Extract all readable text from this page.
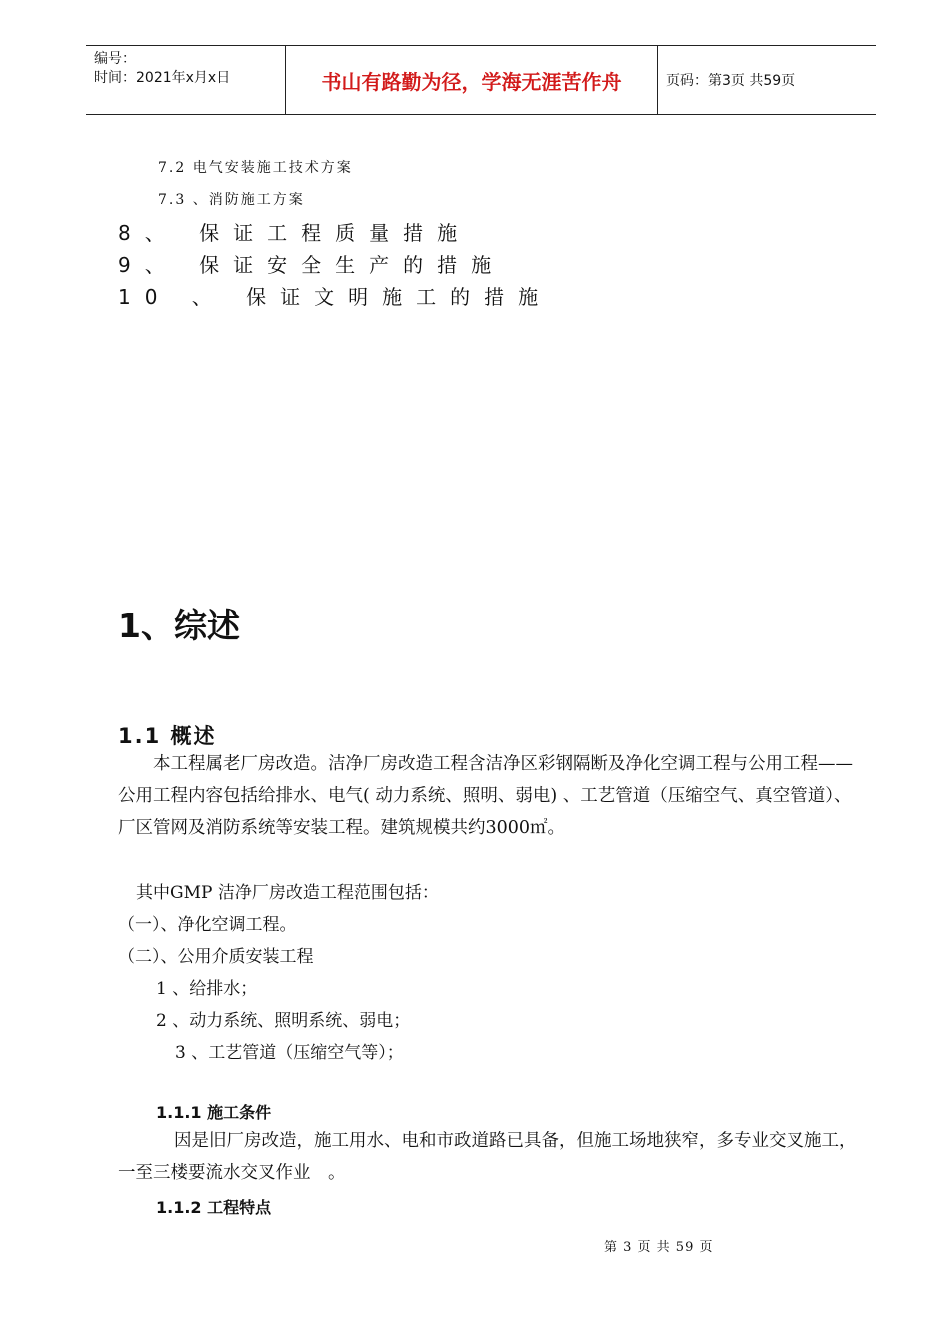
编号：
时间：2021年x月x日	书山有路勤为径，学海无涯苦作舟	页码：第3页 共59页
7.2 电气安装施工技术方案
7.3 、消防施工方案
8、 保证工程质量措施
9、 保证安全生产的措施
10 、 保证文明施工的措施
1、综述
1.1 概述
本工程属老厂房改造。洁净厂房改造工程含洁净区彩钢隔断及净化空调工程与公用工程——公用工程内容包括给排水、电气( 动力系统、照明、弱电) 、工艺管道（压缩空气、真空管道）、厂区管网及消防系统等安装工程。建筑规模共约3000㎡。
其中GMP 洁净厂房改造工程范围包括：
（一）、净化空调工程。
（二）、公用介质安装工程
1 、给排水；
2 、动力系统、照明系统、弱电；
3 、工艺管道（压缩空气等）；
1.1.1 施工条件
因是旧厂房改造，施工用水、电和市政道路已具备，但施工场地狭窄，多专业交叉施工，一至三楼要流水交叉作业　。
1.1.2 工程特点
第 3 页 共 59 页
